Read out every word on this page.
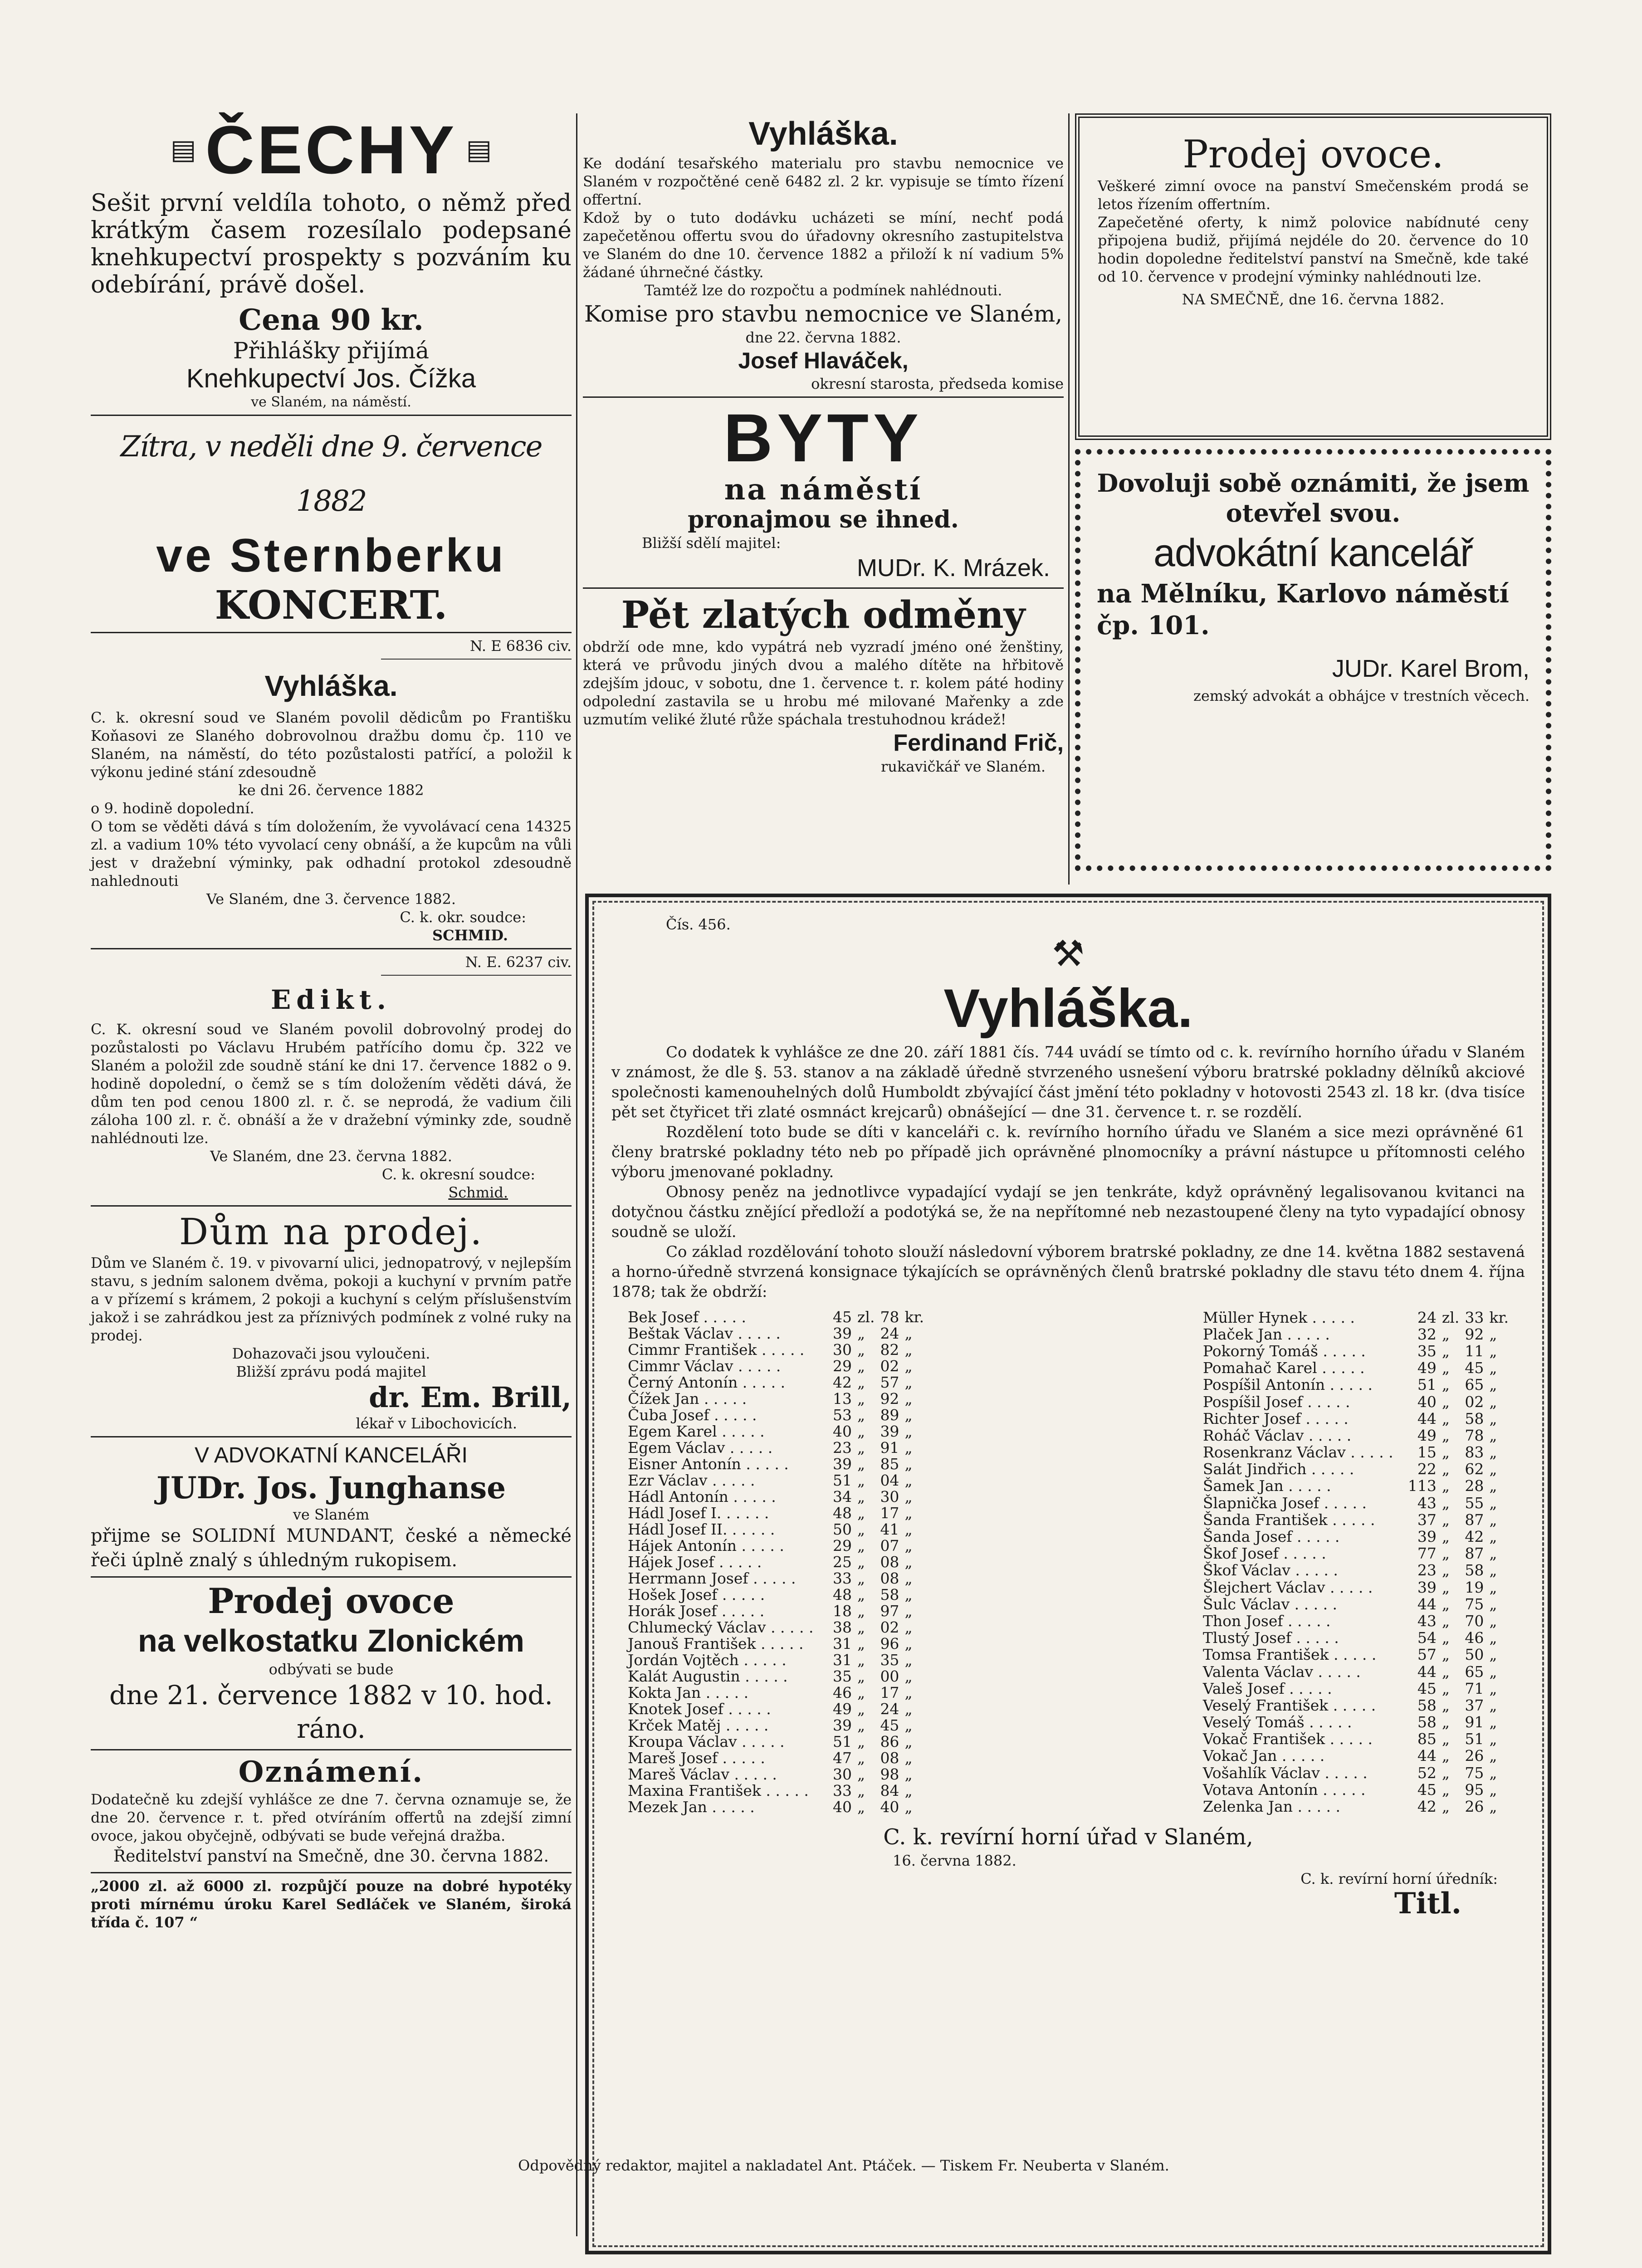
▤ ČECHY ▤

Sešit první veldíla tohoto, o němž před krátkým časem rozesílalo podepsané knehkupectví prospekty s pozváním ku odebírání, právě došel.

Cena 90 kr.

Přihlášky přijímá

Knehkupectví Jos. Čížka

ve Slaném, na náměstí.

Zítra, v neděli dne 9. července 1882

ve Sternberku

KONCERT.

N. E 6836 civ.

Vyhláška.

C. k. okresní soud ve Slaném povolil dědicům po Františku Koňasovi ze Slaného dobrovolnou dražbu domu čp. 110 ve Slaném, na náměstí, do této pozůstalosti patřící, a položil k výkonu jediné stání zdesoudně

ke dni 26. července 1882

o 9. hodině dopolední.

O tom se věděti dává s tím doložením, že vyvolávací cena 14325 zl. a vadium 10% této vyvolací ceny obnáší, a že kupcům na vůli jest v dražební výminky, pak odhadní protokol zdesoudně nahlednouti

Ve Slaném, dne 3. července 1882.

C. k. okr. soudce:

SCHMID.

N. E. 6237 civ.

Edikt.

C. K. okresní soud ve Slaném povolil dobrovolný prodej do pozůstalosti po Václavu Hrubém patřícího domu čp. 322 ve Slaném a položil zde soudně stání ke dni 17. července 1882 o 9. hodině dopolední, o čemž se s tím doložením věděti dává, že dům ten pod cenou 1800 zl. r. č. se neprodá, že vadium čili záloha 100 zl. r. č. obnáší a že v dražební výminky zde, soudně nahlédnouti lze.

Ve Slaném, dne 23. června 1882.

C. k. okresní soudce:

Schmid.

Dům na prodej.

Dům ve Slaném č. 19. v pivovarní ulici, jednopatrový, v nejlepším stavu, s jedním salonem dvěma, pokoji a kuchyní v prvním patře a v přízemí s krámem, 2 pokoji a kuchyní s celým příslušenstvím jakož i se zahrádkou jest za příznivých podmínek z volné ruky na prodej.

Dohazovači jsou vyloučeni.

Bližší zprávu podá majitel

dr. Em. Brill,

lékař v Libochovicích.

V ADVOKATNÍ KANCELÁŘI

JUDr. Jos. Junghanse

ve Slaném

přijme se SOLIDNÍ MUNDANT, české a německé řeči úplně znalý s úhledným rukopisem.

Prodej ovoce

na velkostatku Zlonickém

odbývati se bude

dne 21. července 1882 v 10. hod. ráno.

Oznámení.

Dodatečně ku zdejší vyhlášce ze dne 7. června oznamuje se, že dne 20. července r. t. před otvíráním offertů na zdejší zimní ovoce, jakou obyčejně, odbývati se bude veřejná dražba.

Ředitelství panství na Smečně, dne 30. června 1882.

„2000 zl. až 6000 zl. rozpůjčí pouze na dobré hypotéky proti mírnému úroku Karel Sedláček ve Slaném, široká třída č. 107 “

Vyhláška.

Ke dodání tesařského materialu pro stavbu nemocnice ve Slaném v rozpočtěné ceně 6482 zl. 2 kr. vypisuje se tímto řízení offertní.

Kdož by o tuto dodávku ucházeti se míní, nechť podá zapečetěnou offertu svou do úřadovny okresního zastupitelstva ve Slaném do dne 10. července 1882 a přiloží k ní vadium 5% žádané úhrnečné částky.

Tamtéž lze do rozpočtu a podmínek nahlédnouti.

Komise pro stavbu nemocnice ve Slaném,

dne 22. června 1882.

Josef Hlaváček,

okresní starosta, předseda komise

BYTY

na náměstí

pronajmou se ihned.

Bližší sdělí majitel:

MUDr. K. Mrázek.

Pět zlatých odměny

obdrží ode mne, kdo vypátrá neb vyzradí jméno oné ženštiny, která ve průvodu jiných dvou a malého dítěte na hřbitově zdejším jdouc, v sobotu, dne 1. července t. r. kolem páté hodiny odpolední zastavila se u hrobu mé milované Mařenky a zde uzmutím veliké žluté růže spáchala trestuhodnou krádež!

Ferdinand Frič,

rukavičkář ve Slaném.

Prodej ovoce.

Veškeré zimní ovoce na panství Smečenském prodá se letos řízením offertním.

Zapečetěné oferty, k nimž polovice nabídnuté ceny připojena budiž, přijímá nejdéle do 20. července do 10 hodin dopoledne ředitelství panství na Smečně, kde také od 10. července v prodejní výminky nahlédnouti lze.

NA SMEČNĚ, dne 16. června 1882.

Dovoluji sobě oznámiti, že jsem otevřel svou.

advokátní kancelář

na Mělníku, Karlovo náměstí čp. 101.

JUDr. Karel Brom,

zemský advokát a obhájce v trestních věcech.

Čís. 456.

⚒

Vyhláška.

Co dodatek k vyhlášce ze dne 20. září 1881 čís. 744 uvádí se tímto od c. k. revírního horního úřadu v Slaném v známost, že dle §. 53. stanov a na základě úředně stvrzeného usnešení výboru bratrské pokladny dělníků akciové společnosti kamenouhelných dolů Humboldt zbývající část jmění této pokladny v hotovosti 2543 zl. 18 kr. (dva tisíce pět set čtyřicet tři zlaté osmnáct krejcarů) obnášející — dne 31. července t. r. se rozdělí.

Rozdělení toto bude se díti v kanceláři c. k. revírního horního úřadu ve Slaném a sice mezi oprávněné 61 členy bratrské pokladny této neb po případě jich oprávněné plnomocníky a právní nástupce u přítomnosti celého výboru jmenované pokladny.

Obnosy peněz na jednotlivce vypadající vydají se jen tenkráte, když oprávněný legalisovanou kvitanci na dotyčnou částku znějící předloží a podotýká se, že na nepřítomné neb nezastoupené členy na tyto vypadající obnosy soudně se uloží.

Co základ rozdělování tohoto slouží následovní výborem bratrské pokladny, ze dne 14. května 1882 sestavená a horno-úředně stvrzená konsignace týkajících se oprávněných členů bratrské pokladny dle stavu této dnem 4. října 1878; tak že obdrží:

Bek Josef . . . . .	45	zl.	78	kr.
Beštak Václav . . . . .	39	„	24	„
Cimmr František . . . . .	30	„	82	„
Cimmr Václav . . . . .	29	„	02	„
Černý Antonín . . . . .	42	„	57	„
Čížek Jan . . . . .	13	„	92	„
Čuba Josef . . . . .	53	„	89	„
Egem Karel . . . . .	40	„	39	„
Egem Václav . . . . .	23	„	91	„
Eisner Antonín . . . . .	39	„	85	„
Ezr Václav . . . . .	51	„	04	„
Hádl Antonín . . . . .	34	„	30	„
Hádl Josef I. . . . . .	48	„	17	„
Hádl Josef II. . . . . .	50	„	41	„
Hájek Antonín . . . . .	29	„	07	„
Hájek Josef . . . . .	25	„	08	„
Herrmann Josef . . . . .	33	„	08	„
Hošek Josef . . . . .	48	„	58	„
Horák Josef . . . . .	18	„	97	„
Chlumecký Václav . . . . .	38	„	02	„
Janouš František . . . . .	31	„	96	„
Jordán Vojtěch . . . . .	31	„	35	„
Kalát Augustin . . . . .	35	„	00	„
Kokta Jan . . . . .	46	„	17	„
Knotek Josef . . . . .	49	„	24	„
Krček Matěj . . . . .	39	„	45	„
Kroupa Václav . . . . .	51	„	86	„
Mareš Josef . . . . .	47	„	08	„
Mareš Václav . . . . .	30	„	98	„
Maxina František . . . . .	33	„	84	„
Mezek Jan . . . . .	40	„	40	„
Müller Hynek . . . . .	24	zl.	33	kr.
Plaček Jan . . . . .	32	„	92	„
Pokorný Tomáš . . . . .	35	„	11	„
Pomahač Karel . . . . .	49	„	45	„
Pospíšil Antonín . . . . .	51	„	65	„
Pospíšil Josef . . . . .	40	„	02	„
Richter Josef . . . . .	44	„	58	„
Roháč Václav . . . . .	49	„	78	„
Rosenkranz Václav . . . . .	15	„	83	„
Salát Jindřich . . . . .	22	„	62	„
Šamek Jan . . . . .	113	„	28	„
Šlapnička Josef . . . . .	43	„	55	„
Šanda František . . . . .	37	„	87	„
Šanda Josef . . . . .	39	„	42	„
Škof Josef . . . . .	77	„	87	„
Škof Václav . . . . .	23	„	58	„
Šlejchert Václav . . . . .	39	„	19	„
Šulc Václav . . . . .	44	„	75	„
Thon Josef . . . . .	43	„	70	„
Tlustý Josef . . . . .	54	„	46	„
Tomsa František . . . . .	57	„	50	„
Valenta Václav . . . . .	44	„	65	„
Valeš Josef . . . . .	45	„	71	„
Veselý František . . . . .	58	„	37	„
Veselý Tomáš . . . . .	58	„	91	„
Vokač František . . . . .	85	„	51	„
Vokač Jan . . . . .	44	„	26	„
Vošahlík Václav . . . . .	52	„	75	„
Votava Antonín . . . . .	45	„	95	„
Zelenka Jan . . . . .	42	„	26	„

C. k. revírní horní úřad v Slaném,

16. června 1882.

C. k. revírní horní úředník:

Titl.

Odpovědný redaktor, majitel a nakladatel Ant. Ptáček. — Tiskem Fr. Neuberta v Slaném.
